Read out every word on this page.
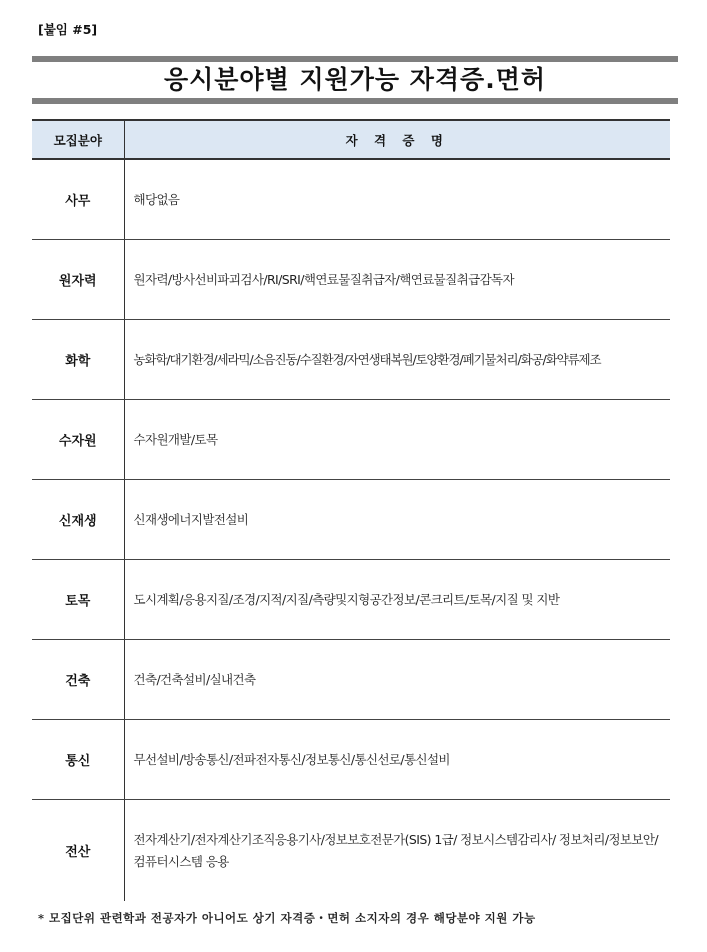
[붙임 #5]
응시분야별 지원가능 자격증.면허
모집분야	자 격 증 명
사무	해당없음
원자력	원자력/방사선비파괴검사/RI/SRI/핵연료물질취급자/핵연료물질취급감독자
화학	농화학/대기환경/세라믹/소음진동/수질환경/자연생태복원/토양환경/폐기물처리/화공/화약류제조
수자원	수자원개발/토목
신재생	신재생에너지발전설비
토목	도시계획/응용지질/조경/지적/지질/측량및지형공간정보/콘크리트/토목/지질 및 지반
건축	건축/건축설비/실내건축
통신	무선설비/방송통신/전파전자통신/정보통신/통신선로/통신설비
전산	전자계산기/전자계산기조직응용기사/정보보호전문가(SIS) 1급/ 정보시스템감리사/ 정보처리/정보보안/컴퓨터시스템 응용
* 모집단위 관련학과 전공자가 아니어도 상기 자격증・면허 소지자의 경우 해당분야 지원 가능
